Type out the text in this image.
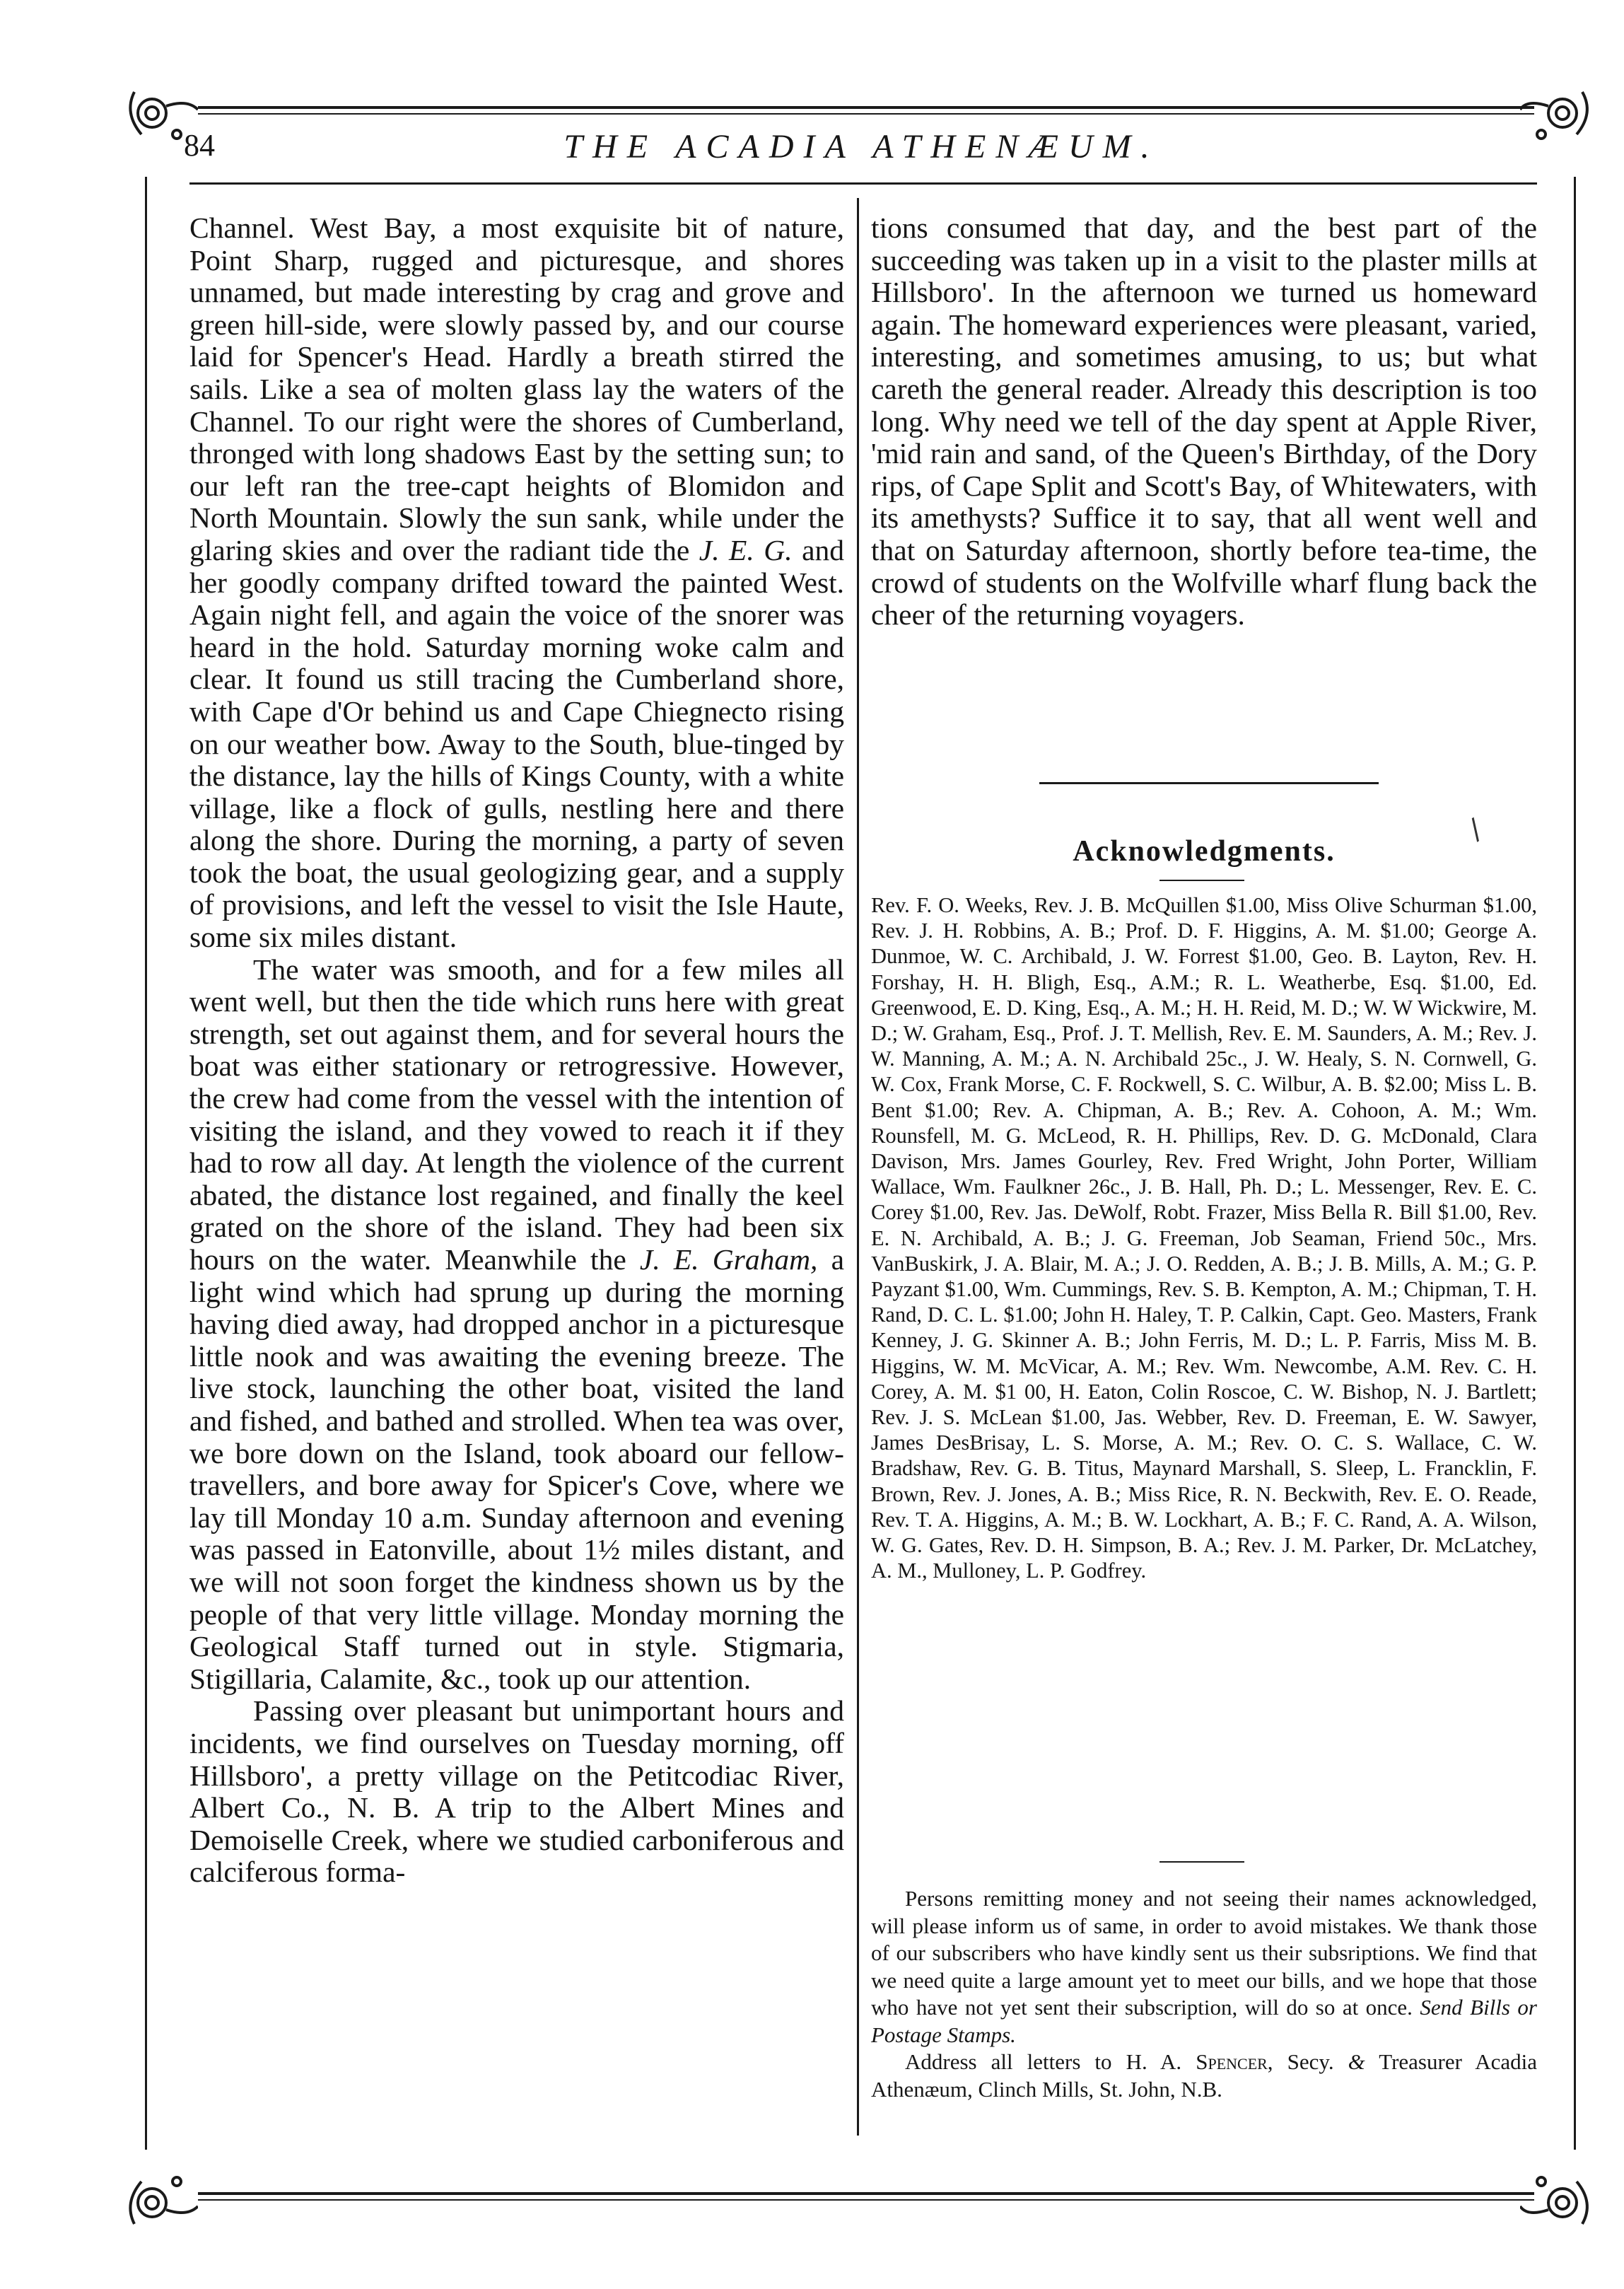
84	THE ACADIA ATHENÆUM.

Channel. West Bay, a most exquisite bit of nature, Point Sharp, rugged and picturesque, and shores unnamed, but made interesting by crag and grove and green hill-side, were slowly passed by, and our course laid for Spencer's Head. Hardly a breath stirred the sails. Like a sea of molten glass lay the waters of the Channel. To our right were the shores of Cumberland, thronged with long shadows East by the setting sun; to our left ran the tree-capt heights of Blomidon and North Mountain. Slowly the sun sank, while under the glaring skies and over the radiant tide the J. E. G. and her goodly company drifted toward the painted West. Again night fell, and again the voice of the snorer was heard in the hold. Saturday morning woke calm and clear. It found us still tracing the Cumberland shore, with Cape d'Or behind us and Cape Chiegnecto rising on our weather bow. Away to the South, blue-tinged by the distance, lay the hills of Kings County, with a white village, like a flock of gulls, nestling here and there along the shore. During the morning, a party of seven took the boat, the usual geologizing gear, and a supply of provisions, and left the vessel to visit the Isle Haute, some six miles distant.

The water was smooth, and for a few miles all went well, but then the tide which runs here with great strength, set out against them, and for several hours the boat was either stationary or retrogressive. However, the crew had come from the vessel with the intention of visiting the island, and they vowed to reach it if they had to row all day. At length the violence of the current abated, the distance lost regained, and finally the keel grated on the shore of the island. They had been six hours on the water. Meanwhile the J. E. Graham, a light wind which had sprung up during the morning having died away, had dropped anchor in a picturesque little nook and was awaiting the evening breeze. The live stock, launching the other boat, visited the land and fished, and bathed and strolled. When tea was over, we bore down on the Island, took aboard our fellow-travellers, and bore away for Spicer's Cove, where we lay till Monday 10 a.m. Sunday afternoon and evening was passed in Eatonville, about 1½ miles distant, and we will not soon forget the kindness shown us by the people of that very little village. Monday morning the Geological Staff turned out in style. Stigmaria, Stigillaria, Calamite, &c., took up our attention.

Passing over pleasant but unimportant hours and incidents, we find ourselves on Tuesday morning, off Hillsboro', a pretty village on the Petitcodiac River, Albert Co., N. B. A trip to the Albert Mines and Demoiselle Creek, where we studied carboniferous and calciferous forma-

tions consumed that day, and the best part of the succeeding was taken up in a visit to the plaster mills at Hillsboro'. In the afternoon we turned us homeward again. The homeward experiences were pleasant, varied, interesting, and sometimes amusing, to us; but what careth the general reader. Already this description is too long. Why need we tell of the day spent at Apple River, 'mid rain and sand, of the Queen's Birthday, of the Dory rips, of Cape Split and Scott's Bay, of Whitewaters, with its amethysts? Suffice it to say, that all went well and that on Saturday afternoon, shortly before tea-time, the crowd of students on the Wolfville wharf flung back the cheer of the returning voyagers.

Acknowledgments.
Rev. F. O. Weeks, Rev. J. B. McQuillen $1.00, Miss Olive Schurman $1.00, Rev. J. H. Robbins, A. B.; Prof. D. F. Higgins, A. M. $1.00; George A. Dunmoe, W. C. Archibald, J. W. Forrest $1.00, Geo. B. Layton, Rev. H. Forshay, H. H. Bligh, Esq., A.M.; R. L. Weatherbe, Esq. $1.00, Ed. Greenwood, E. D. King, Esq., A. M.; H. H. Reid, M. D.; W. W Wickwire, M. D.; W. Graham, Esq., Prof. J. T. Mellish, Rev. E. M. Saunders, A. M.; Rev. J. W. Manning, A. M.; A. N. Archibald 25c., J. W. Healy, S. N. Cornwell, G. W. Cox, Frank Morse, C. F. Rockwell, S. C. Wilbur, A. B. $2.00; Miss L. B. Bent $1.00; Rev. A. Chipman, A. B.; Rev. A. Cohoon, A. M.; Wm. Rounsfell, M. G. McLeod, R. H. Phillips, Rev. D. G. McDonald, Clara Davison, Mrs. James Gourley, Rev. Fred Wright, John Porter, William Wallace, Wm. Faulkner 26c., J. B. Hall, Ph. D.; L. Messenger, Rev. E. C. Corey $1.00, Rev. Jas. DeWolf, Robt. Frazer, Miss Bella R. Bill $1.00, Rev. E. N. Archibald, A. B.; J. G. Freeman, Job Seaman, Friend 50c., Mrs. VanBuskirk, J. A. Blair, M. A.; J. O. Redden, A. B.; J. B. Mills, A. M.; G. P. Payzant $1.00, Wm. Cummings, Rev. S. B. Kempton, A. M.; Chipman, T. H. Rand, D. C. L. $1.00; John H. Haley, T. P. Calkin, Capt. Geo. Masters, Frank Kenney, J. G. Skinner A. B.; John Ferris, M. D.; L. P. Farris, Miss M. B. Higgins, W. M. McVicar, A. M.; Rev. Wm. Newcombe, A.M. Rev. C. H. Corey, A. M. $1 00, H. Eaton, Colin Roscoe, C. W. Bishop, N. J. Bartlett; Rev. J. S. McLean $1.00, Jas. Webber, Rev. D. Freeman, E. W. Sawyer, James DesBrisay, L. S. Morse, A. M.; Rev. O. C. S. Wallace, C. W. Bradshaw, Rev. G. B. Titus, Maynard Marshall, S. Sleep, L. Francklin, F. Brown, Rev. J. Jones, A. B.; Miss Rice, R. N. Beckwith, Rev. E. O. Reade, Rev. T. A. Higgins, A. M.; B. W. Lockhart, A. B.; F. C. Rand, A. A. Wilson, W. G. Gates, Rev. D. H. Simpson, B. A.; Rev. J. M. Parker, Dr. McLatchey, A. M., Mulloney, L. P. Godfrey.

Persons remitting money and not seeing their names acknowledged, will please inform us of same, in order to avoid mistakes. We thank those of our subscribers who have kindly sent us their subsriptions. We find that we need quite a large amount yet to meet our bills, and we hope that those who have not yet sent their subscription, will do so at once. Send Bills or Postage Stamps.

Address all letters to H. A. Spencer, Secy. & Treasurer Acadia Athenæum, Clinch Mills, St. John, N.B.

/
